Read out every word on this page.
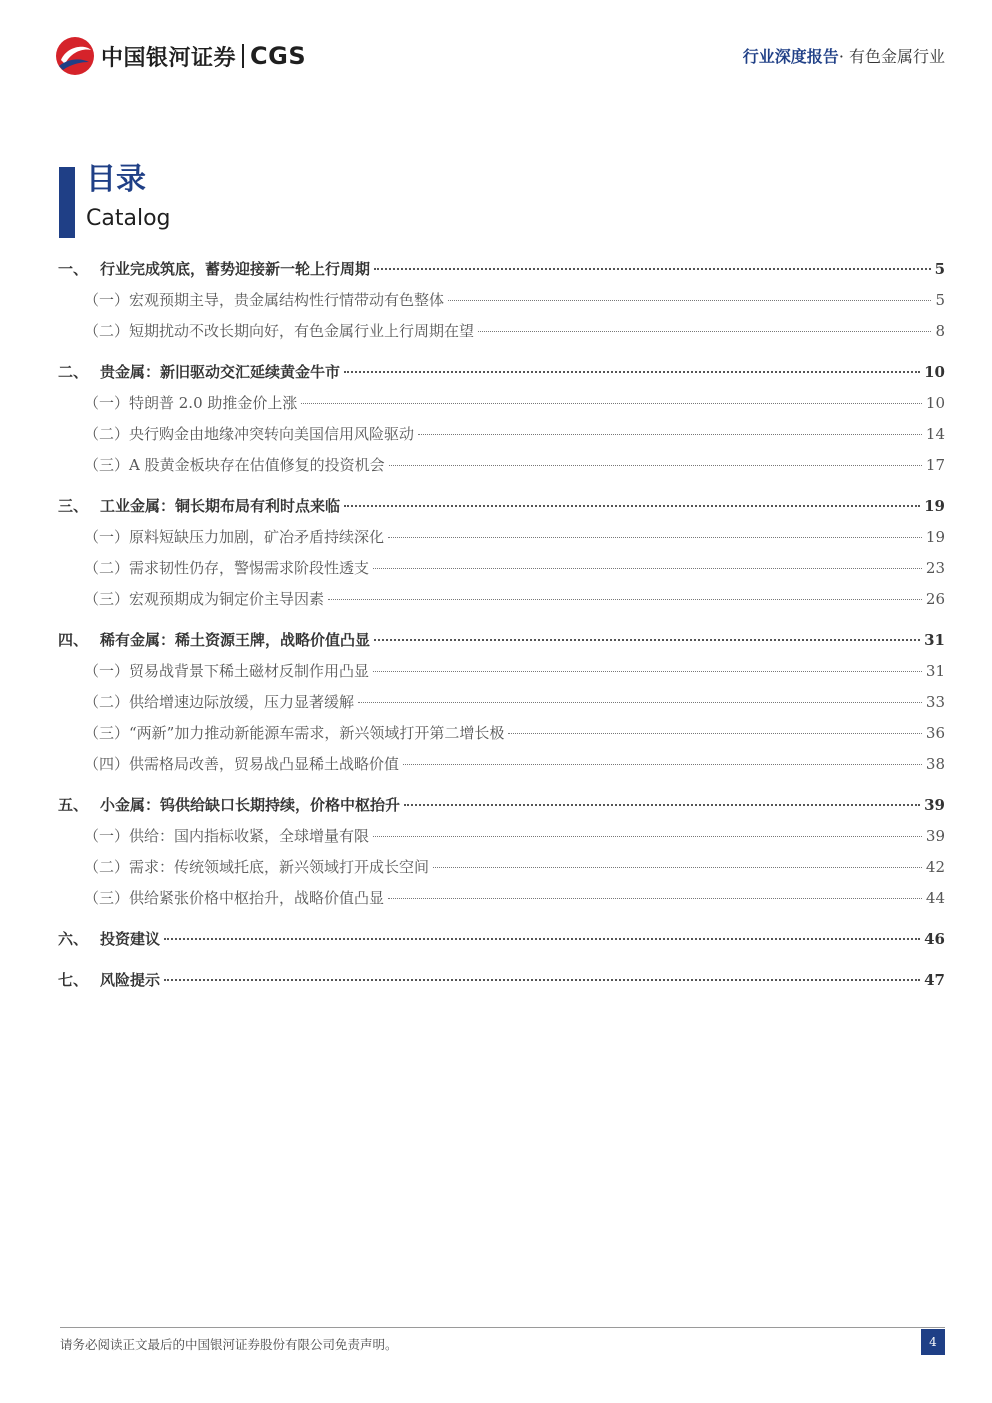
中国银河证券 CGS	行业深度报告· 有色金属行业
目录
Catalog
一、 行业完成筑底，蓄势迎接新一轮上行周期	5
（一）宏观预期主导，贵金属结构性行情带动有色整体	5
（二）短期扰动不改长期向好，有色金属行业上行周期在望	8
二、 贵金属：新旧驱动交汇延续黄金牛市	10
（一）特朗普 2.0 助推金价上涨	10
（二）央行购金由地缘冲突转向美国信用风险驱动	14
（三）A 股黄金板块存在估值修复的投资机会	17
三、 工业金属：铜长期布局有利时点来临	19
（一）原料短缺压力加剧，矿冶矛盾持续深化	19
（二）需求韧性仍存，警惕需求阶段性透支	23
（三）宏观预期成为铜定价主导因素	26
四、 稀有金属：稀土资源王牌，战略价值凸显	31
（一）贸易战背景下稀土磁材反制作用凸显	31
（二）供给增速边际放缓，压力显著缓解	33
（三）“两新”加力推动新能源车需求，新兴领域打开第二增长极	36
（四）供需格局改善，贸易战凸显稀土战略价值	38
五、 小金属：钨供给缺口长期持续，价格中枢抬升	39
（一）供给：国内指标收紧，全球增量有限	39
（二）需求：传统领域托底，新兴领域打开成长空间	42
（三）供给紧张价格中枢抬升，战略价值凸显	44
六、 投资建议	46
七、 风险提示	47
请务必阅读正文最后的中国银河证券股份有限公司免责声明。	4
